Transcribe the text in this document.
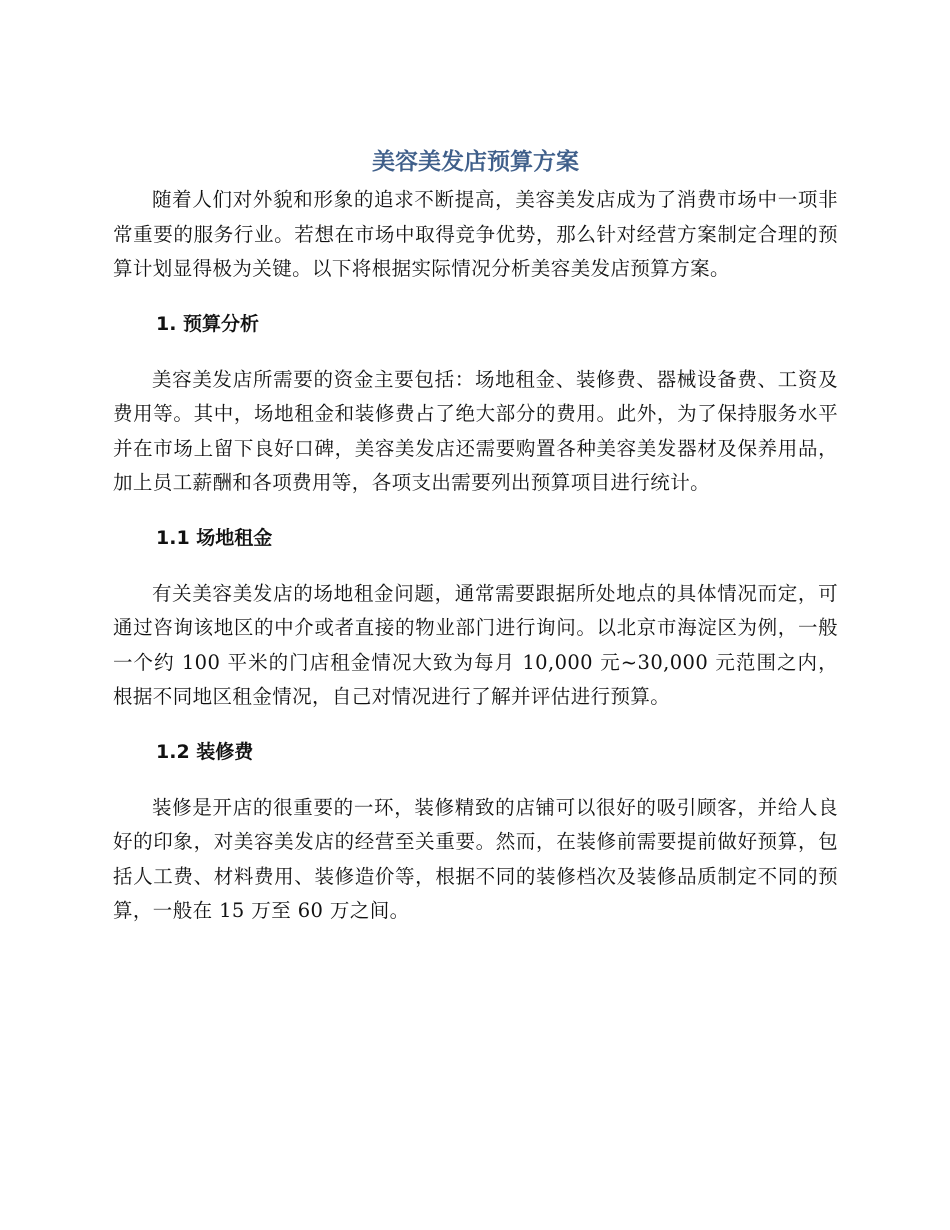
美容美发店预算方案

随着人们对外貌和形象的追求不断提高，美容美发店成为了消费市场中一项非常重要的服务行业。若想在市场中取得竞争优势，那么针对经营方案制定合理的预算计划显得极为关键。以下将根据实际情况分析美容美发店预算方案。

1. 预算分析

美容美发店所需要的资金主要包括：场地租金、装修费、器械设备费、工资及费用等。其中，场地租金和装修费占了绝大部分的费用。此外，为了保持服务水平并在市场上留下良好口碑，美容美发店还需要购置各种美容美发器材及保养用品，加上员工薪酬和各项费用等，各项支出需要列出预算项目进行统计。

1.1 场地租金

有关美容美发店的场地租金问题，通常需要跟据所处地点的具体情况而定，可通过咨询该地区的中介或者直接的物业部门进行询问。以北京市海淀区为例，一般一个约 100 平米的门店租金情况大致为每月 10,000 元~30,000 元范围之内，根据不同地区租金情况，自己对情况进行了解并评估进行预算。

1.2 装修费

装修是开店的很重要的一环，装修精致的店铺可以很好的吸引顾客，并给人良好的印象，对美容美发店的经营至关重要。然而，在装修前需要提前做好预算，包括人工费、材料费用、装修造价等，根据不同的装修档次及装修品质制定不同的预算，一般在 15 万至 60 万之间。
